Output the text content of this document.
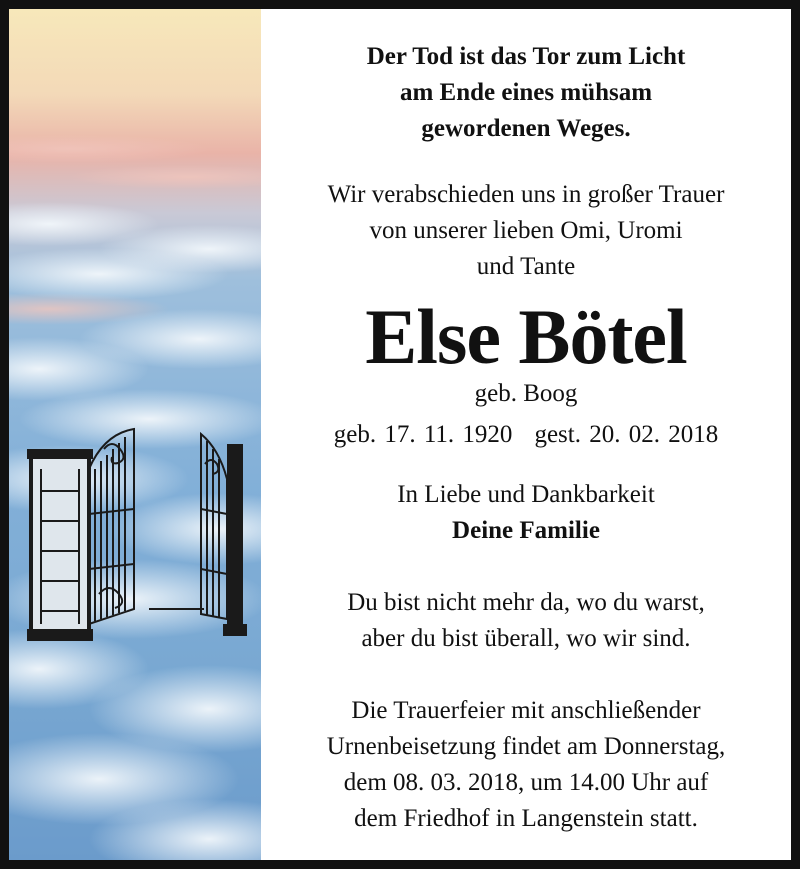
Der Tod ist das Tor zum Licht

am Ende eines mühsam

gewordenen Weges.

Wir verabschieden uns in großer Trauer

von unserer lieben Omi, Uromi

und Tante

Else Bötel

geb. Boog

geb. 17. 11. 1920 gest. 20. 02. 2018

In Liebe und Dankbarkeit

Deine Familie

Du bist nicht mehr da, wo du warst,

aber du bist überall, wo wir sind.

Die Trauerfeier mit anschließender

Urnenbeisetzung findet am Donnerstag,

dem 08. 03. 2018, um 14.00 Uhr auf

dem Friedhof in Langenstein statt.
